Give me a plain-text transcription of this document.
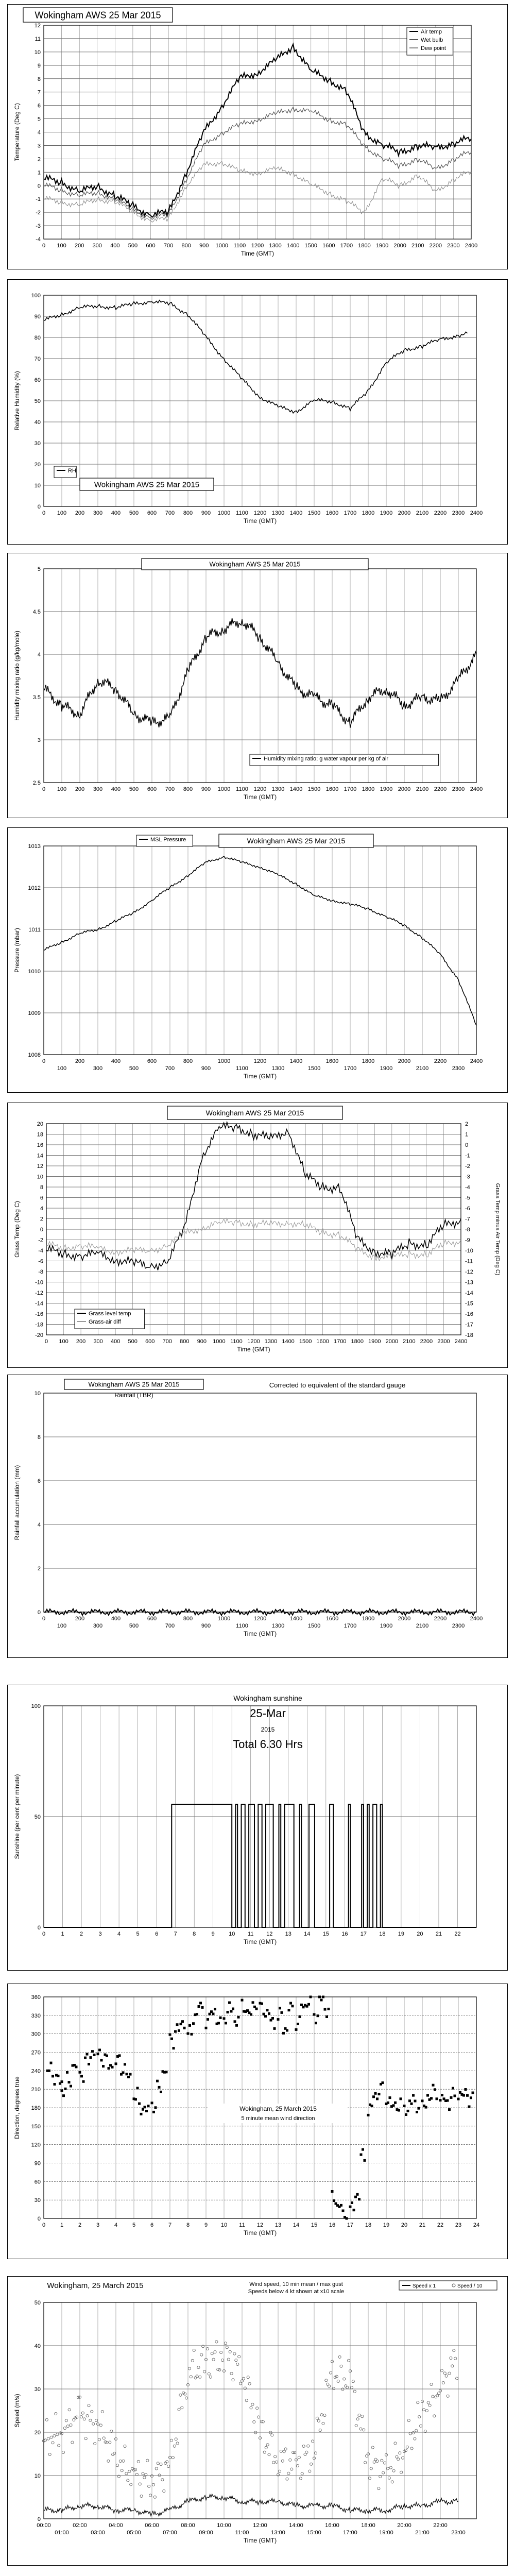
-4
-3
-2
-1
0
1
2
3
4
5
6
7
8
9
10
11
12
0 100 200 300 400 500 600 700 800 900 1000 1100 1200 1300 1400 1500 1600 1700 1800 1900 2000 2100 2200 2300 2400
Time (GMT)
Temperature (Deg C)
Wokingham AWS 25 Mar 2015
Air temp
Wet bulb
Dew point
0
10
20
30
40
50
60
70
80
90
100
0 100 200 300 400 500 600 700 800 900 1000 1100 1200 1300 1400 1500 1600 1700 1800 1900 2000 2100 2200 2300 2400
Time (GMT)
Relative Humidity (%)
Wokingham AWS 25 Mar 2015
RH
2.5
3
3.5
4
4.5
5
0 100 200 300 400 500 600 700 800 900 1000 1100 1200 1300 1400 1500 1600 1700 1800 1900 2000 2100 2200 2300 2400
Time (GMT)
Humidity mixing ratio (g/kg/mole)
Wokingham AWS 25 Mar 2015
Humidity mixing ratio; g water vapour per kg of air
1008
1009
1010
1011
1012
1013
0
100
200
300
400
500
600
700
800
900
1000
1100
1200
1300
1400
1500
1600
1700
1800
1900
2000
2100
2200
2300
2400
Time (GMT)
Pressure (mbar)
Wokingham AWS 25 Mar 2015
MSL Pressure
-20
-18
-16
-14
-12
-10
-8
-6
-4
-2
0
2
4
6
8
10
12
14
16
18
20
0 100 200 300 400 500 600 700 800 900 1000 1100 1200 1300 1400 1500 1600 1700 1800 1900 2000 2100 2200 2300 2400
Time (GMT)
Grass Temp (Deg C)
Wokingham AWS 25 Mar 2015
Grass level temp
Grass-air diff
-18
-17
-16
-15
-14
-13
-12
-11
-10
-9
-8
-7
-6
-5
-4
-3
-2
-1
0
1
2
Grass Temp minus Air Temp (Deg C)
0
2
4
6
8
10
0
100
200
300
400
500
600
700
800
900
1000
1100
1200
1300
1400
1500
1600
1700
1800
1900
2000
2100
2200
2300
2400
Time (GMT)
Rainfall accumulation (mm)
Wokingham AWS 25 Mar 2015
Rainfall (TBR)
Corrected to equivalent of the standard gauge
0
50
100
0	1	2	3	4	5	6	7	8	9 10 11 12 13 14 15 16 17 18 19 20 21 22
Time (GMT)
Sunshine (per cent per minute)
Wokingham sunshine
25-Mar
2015
Total 6.30 Hrs
0
30
60
90
120
150
180
210
240
270
300
330
360
0	1	2	3	4	5	6	7	8	9 10 11 12 13 14 15 16 17 18 19 20 21 22 23 24
Time (GMT)
Direction, degrees true	Wokingham, 25 March 2015
5 minute mean wind direction
0
10
20
30
40
50
00:00
01:00
02:00
03:00
04:00
05:00
06:00
07:00
08:00
09:00
10:00
11:00
12:00
13:00
14:00
15:00
16:00
17:00
18:00
19:00
20:00
21:00
22:00
23:00
Time (GMT)
Speed (m/s)
Wokingham, 25 March 2015	Wind speed, 10 min mean / max gust
Speeds below 4 kt shown at x10 scale
Speed x 1	Speed / 10
